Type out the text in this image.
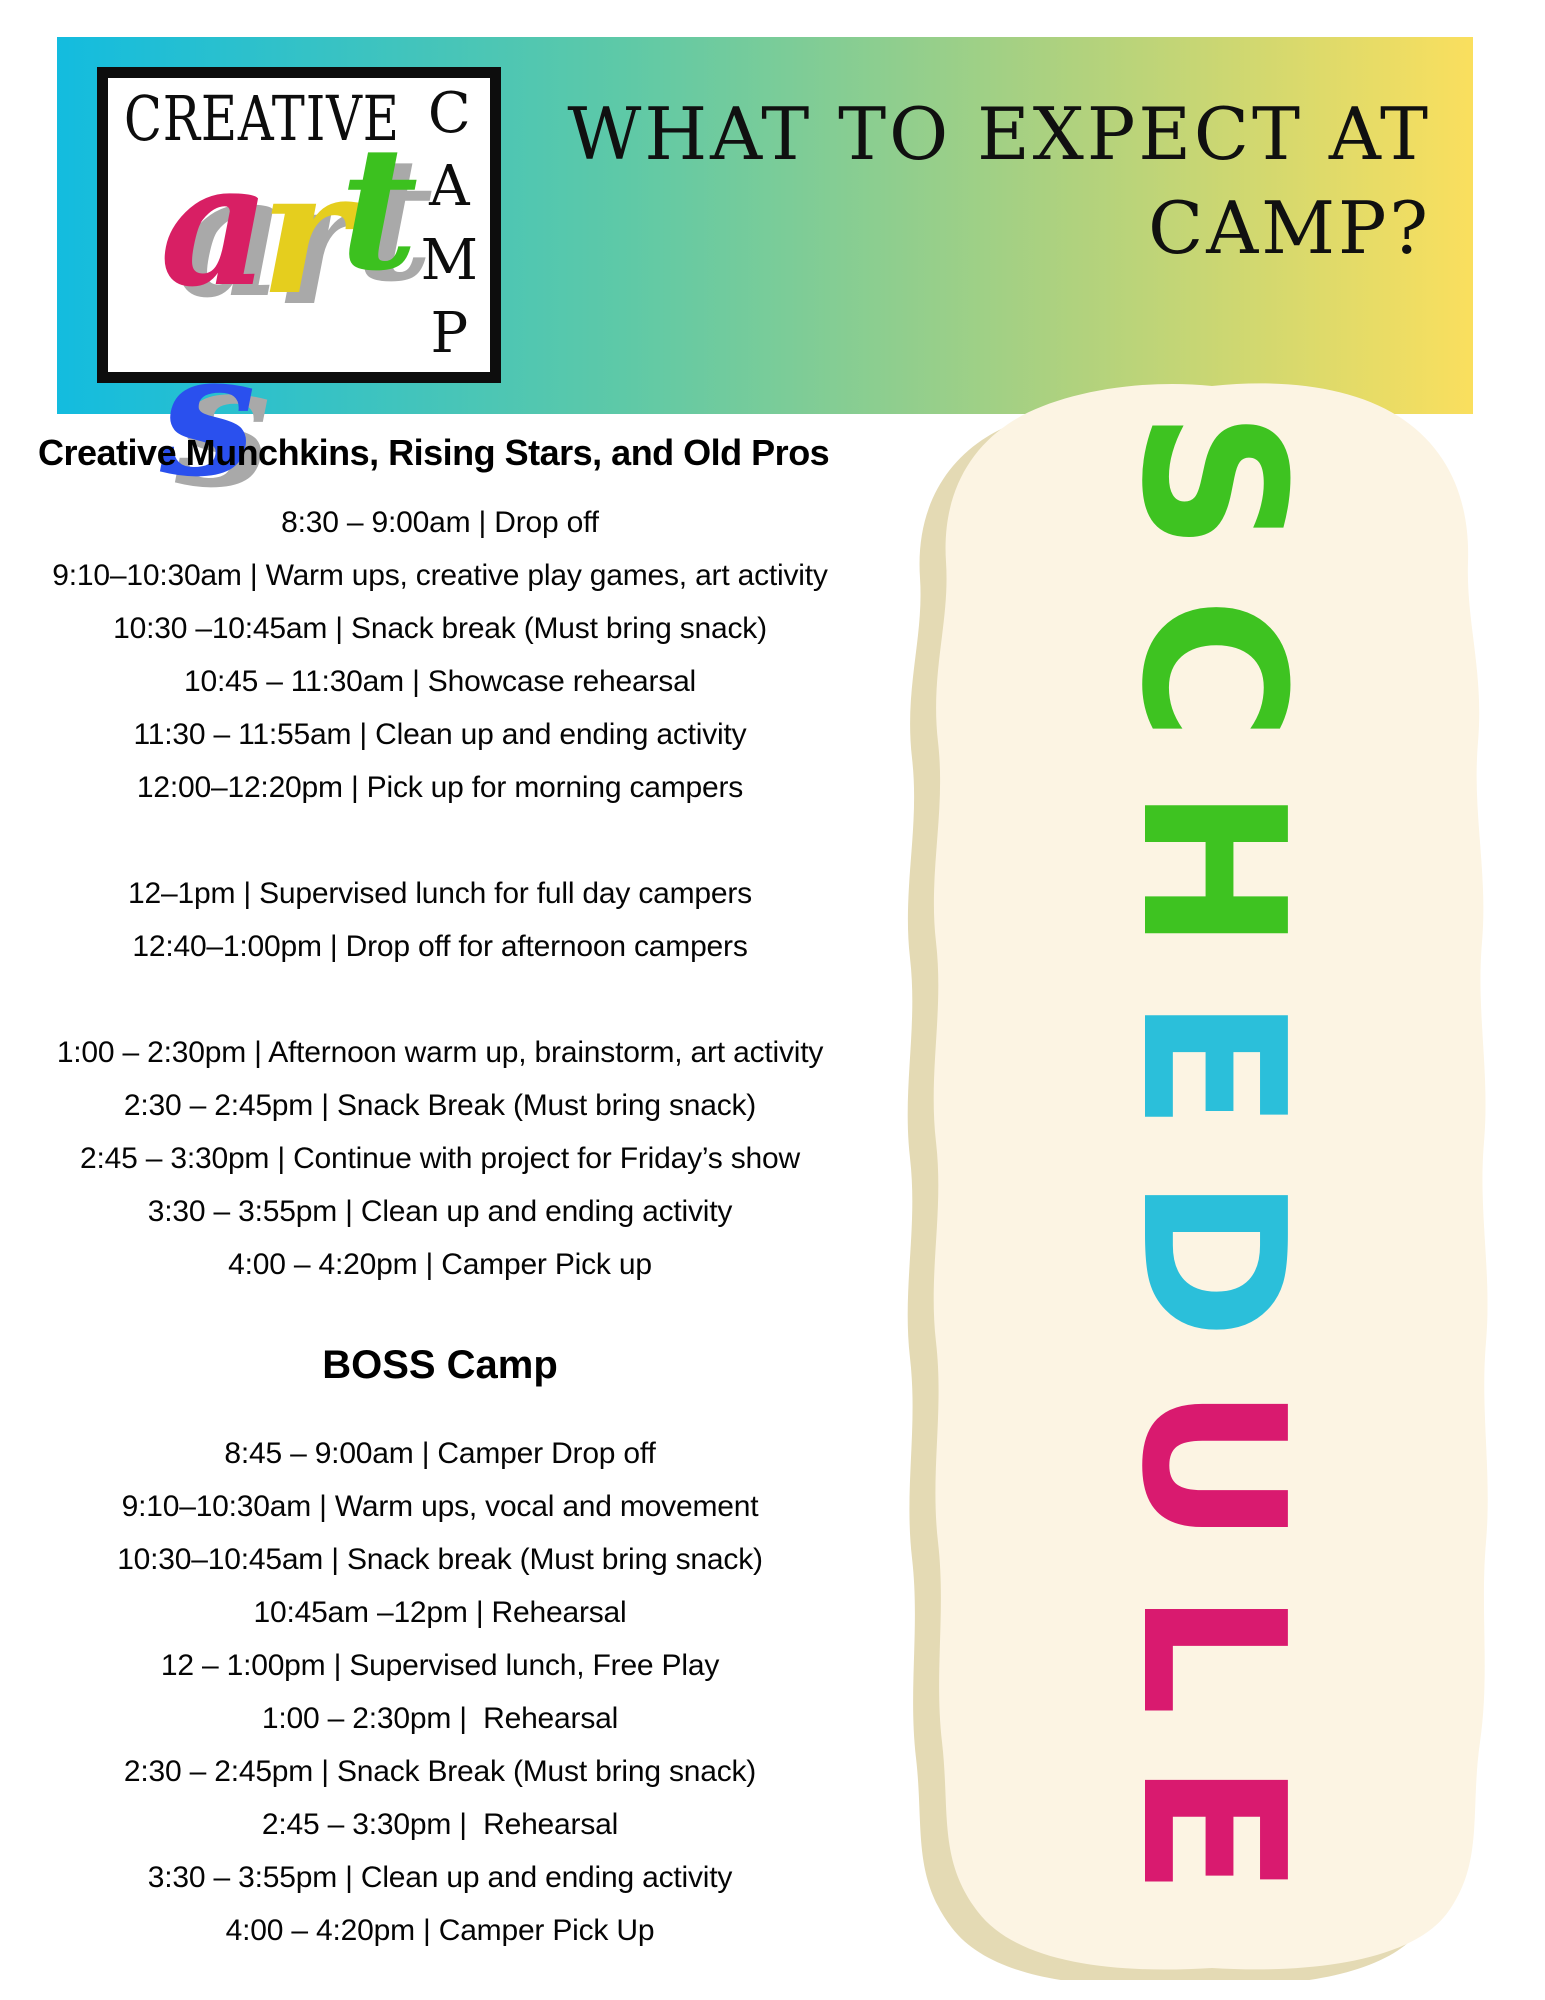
CREATIVE C
A
M
P
arts
WHAT TO EXPECT AT
CAMP?
SCHEDULE
Creative Munchkins, Rising Stars, and Old Pros
8:30 – 9:00am | Drop off
9:10–10:30am | Warm ups, creative play games, art activity
10:30 –10:45am | Snack break (Must bring snack)
10:45 – 11:30am | Showcase rehearsal
11:30 – 11:55am | Clean up and ending activity
12:00–12:20pm | Pick up for morning campers
12–1pm | Supervised lunch for full day campers
12:40–1:00pm | Drop off for afternoon campers
1:00 – 2:30pm | Afternoon warm up, brainstorm, art activity
2:30 – 2:45pm | Snack Break (Must bring snack)
2:45 – 3:30pm | Continue with project for Friday’s show
3:30 – 3:55pm | Clean up and ending activity
4:00 – 4:20pm | Camper Pick up
BOSS Camp
8:45 – 9:00am | Camper Drop off
9:10–10:30am | Warm ups, vocal and movement
10:30–10:45am | Snack break (Must bring snack)
10:45am –12pm | Rehearsal
12 – 1:00pm | Supervised lunch, Free Play
1:00 – 2:30pm |  Rehearsal
2:30 – 2:45pm | Snack Break (Must bring snack)
2:45 – 3:30pm |  Rehearsal
3:30 – 3:55pm | Clean up and ending activity
4:00 – 4:20pm | Camper Pick Up
